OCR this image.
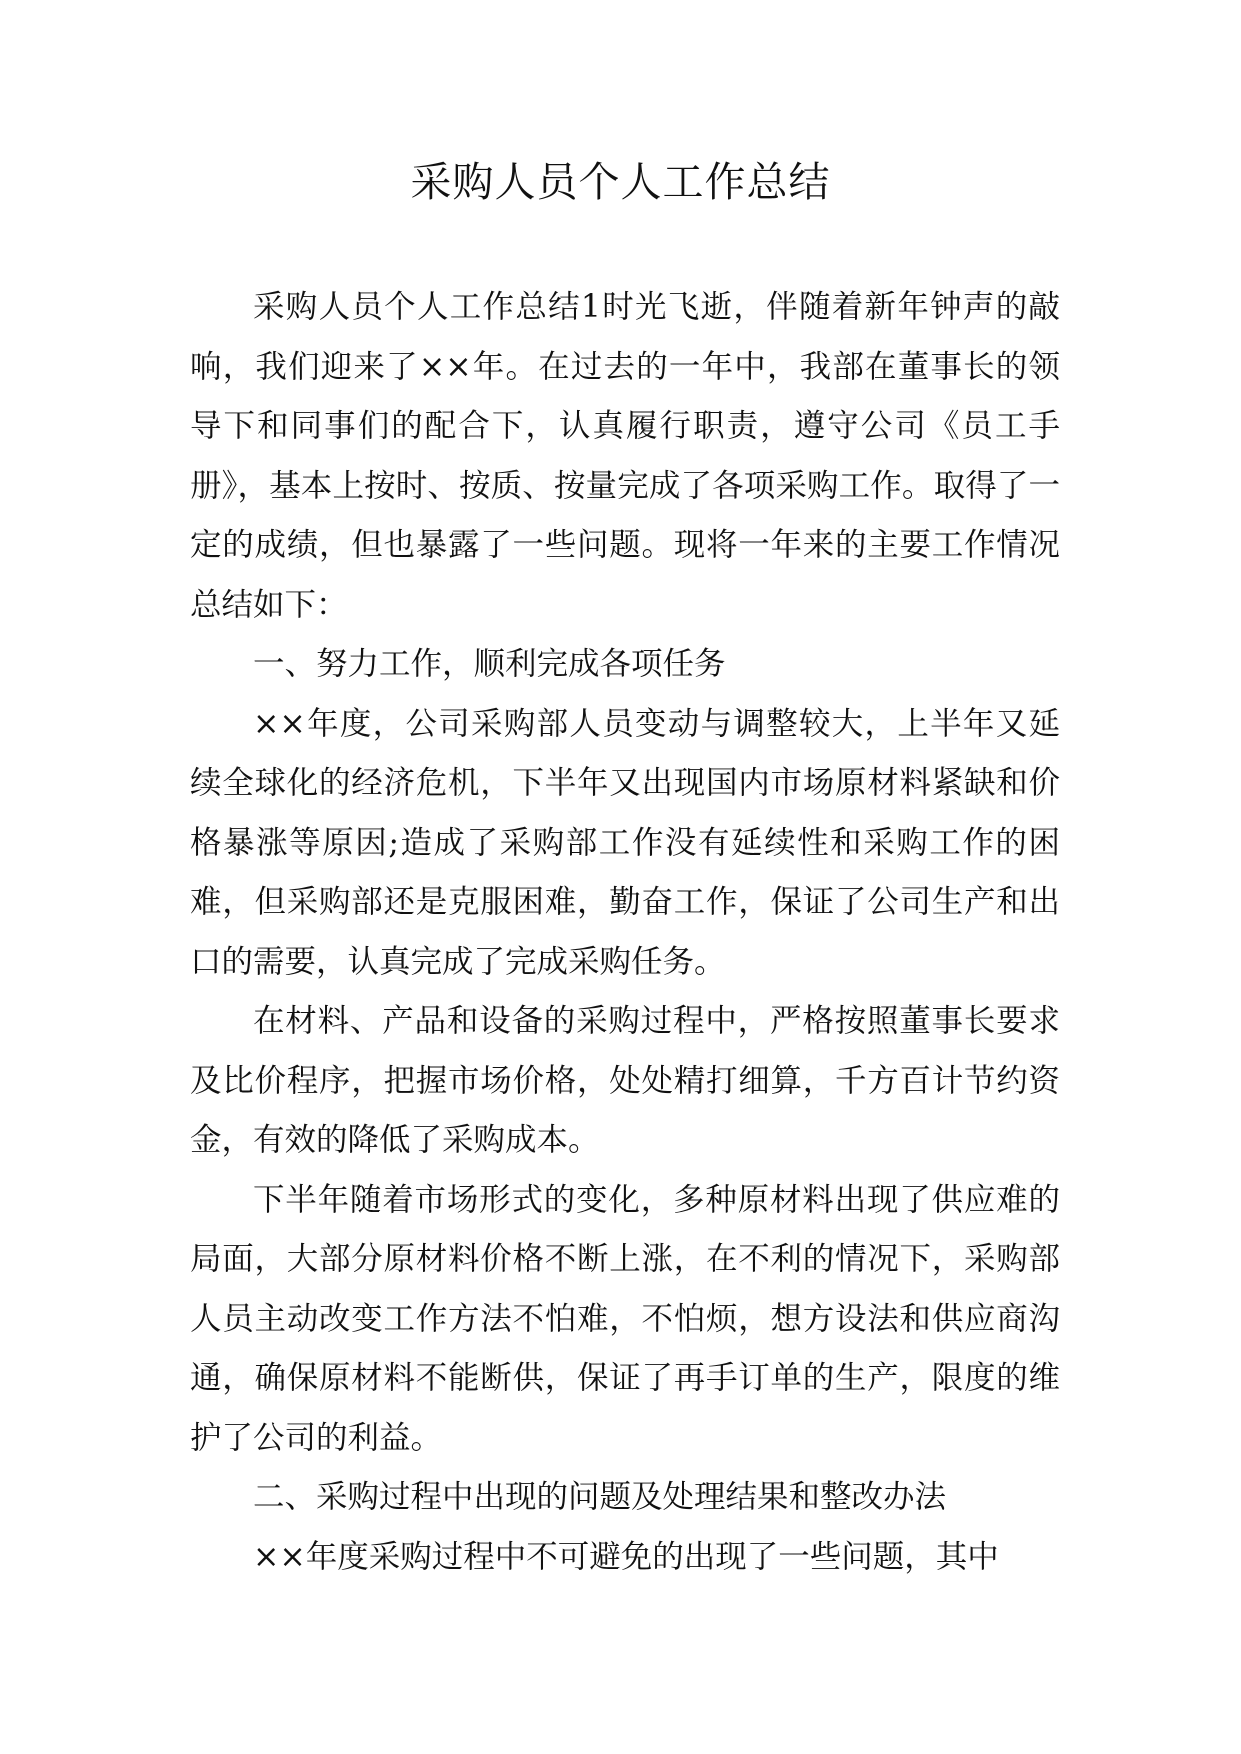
采购人员个人工作总结

采购人员个人工作总结1时光飞逝，伴随着新年钟声的敲响，我们迎来了××年。在过去的一年中，我部在董事长的领导下和同事们的配合下，认真履行职责，遵守公司《员工手册》，基本上按时、按质、按量完成了各项采购工作。取得了一定的成绩，但也暴露了一些问题。现将一年来的主要工作情况总结如下：

一、努力工作，顺利完成各项任务

××年度，公司采购部人员变动与调整较大，上半年又延续全球化的经济危机，下半年又出现国内市场原材料紧缺和价格暴涨等原因;造成了采购部工作没有延续性和采购工作的困难，但采购部还是克服困难，勤奋工作，保证了公司生产和出口的需要，认真完成了完成采购任务。

在材料、产品和设备的采购过程中，严格按照董事长要求及比价程序，把握市场价格，处处精打细算，千方百计节约资金，有效的降低了采购成本。

下半年随着市场形式的变化，多种原材料出现了供应难的局面，大部分原材料价格不断上涨，在不利的情况下，采购部人员主动改变工作方法不怕难，不怕烦，想方设法和供应商沟通，确保原材料不能断供，保证了再手订单的生产，限度的维护了公司的利益。

二、采购过程中出现的问题及处理结果和整改办法

××年度采购过程中不可避免的出现了一些问题，其中
